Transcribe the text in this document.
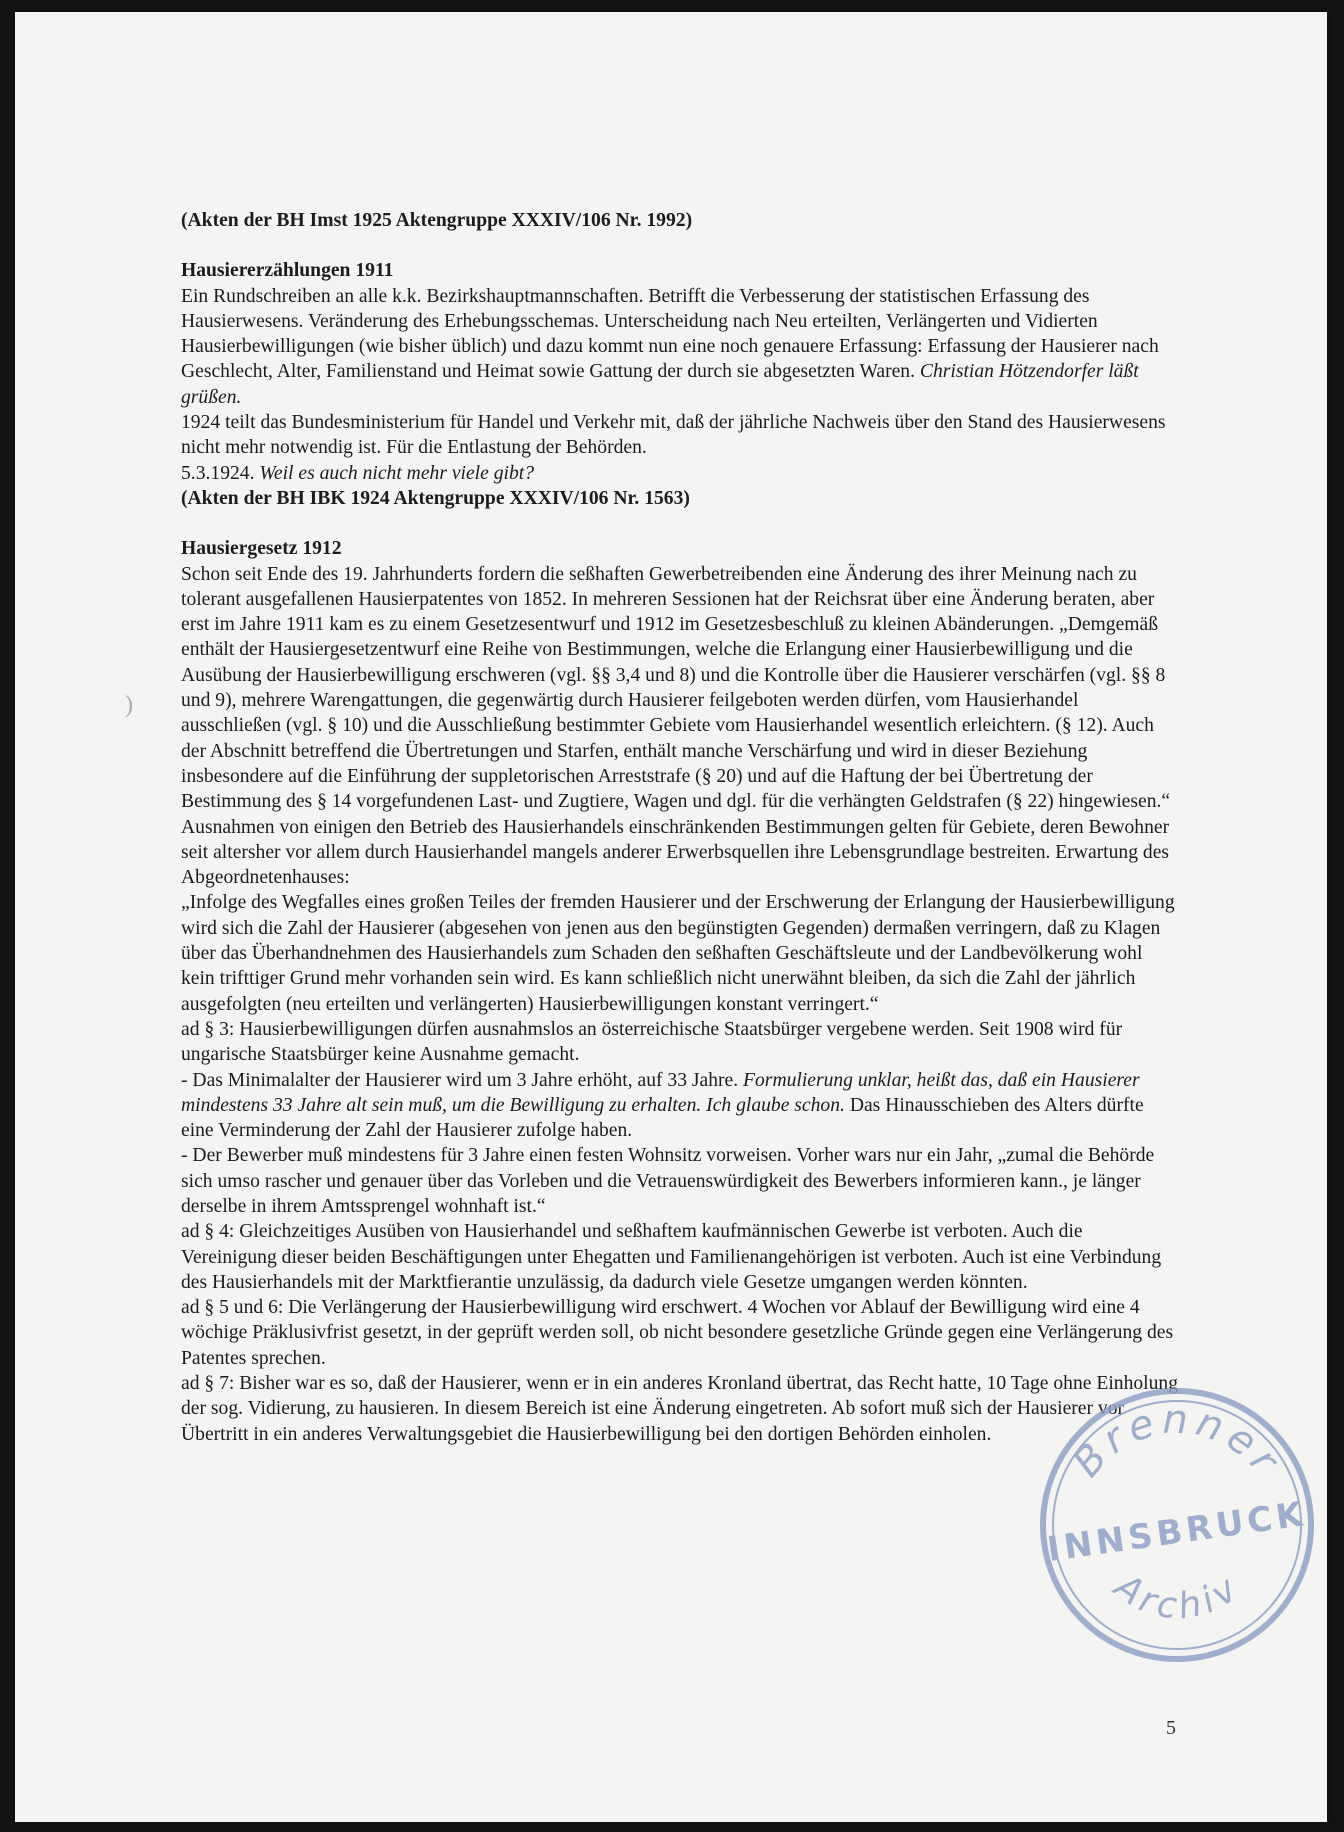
)

(Akten der BH Imst 1925 Aktengruppe XXXIV/106 Nr. 1992)

Hausiererzählungen 1911

Ein Rundschreiben an alle k.k. Bezirkshauptmannschaften. Betrifft die Verbesserung der statistischen Erfassung des Hausierwesens. Veränderung des Erhebungsschemas. Unterscheidung nach Neu erteilten, Verlängerten und Vidierten Hausierbewilligungen (wie bisher üblich) und dazu kommt nun eine noch genauere Erfassung: Erfassung der Hausierer nach Geschlecht, Alter, Familienstand und Heimat sowie Gattung der durch sie abgesetzten Waren. Christian Hötzendorfer läßt grüßen.

1924 teilt das Bundesministerium für Handel und Verkehr mit, daß der jährliche Nachweis über den Stand des Hausierwesens nicht mehr notwendig ist. Für die Entlastung der Behörden.

5.3.1924. Weil es auch nicht mehr viele gibt?

(Akten der BH IBK 1924 Aktengruppe XXXIV/106 Nr. 1563)

Hausiergesetz 1912

Schon seit Ende des 19. Jahrhunderts fordern die seßhaften Gewerbetreibenden eine Änderung des ihrer Meinung nach zu tolerant ausgefallenen Hausierpatentes von 1852. In mehreren Sessionen hat der Reichsrat über eine Änderung beraten, aber erst im Jahre 1911 kam es zu einem Gesetzesentwurf und 1912 im Gesetzesbeschluß zu kleinen Abänderungen. „Demgemäß enthält der Hausiergesetzentwurf eine Reihe von Bestimmungen, welche die Erlangung einer Hausierbewilligung und die Ausübung der Hausierbewilligung erschweren (vgl. §§ 3,4 und 8) und die Kontrolle über die Hausierer verschärfen (vgl. §§ 8 und 9), mehrere Warengattungen, die gegenwärtig durch Hausierer feilgeboten werden dürfen, vom Hausierhandel ausschließen (vgl. § 10) und die Ausschließung bestimmter Gebiete vom Hausierhandel wesentlich erleichtern. (§ 12). Auch der Abschnitt betreffend die Übertretungen und Starfen, enthält manche Verschärfung und wird in dieser Beziehung insbesondere auf die Einführung der suppletorischen Arreststrafe (§ 20) und auf die Haftung der bei Übertretung der Bestimmung des § 14 vorgefundenen Last- und Zugtiere, Wagen und dgl. für die verhängten Geldstrafen (§ 22) hingewiesen.“

Ausnahmen von einigen den Betrieb des Hausierhandels einschränkenden Bestimmungen gelten für Gebiete, deren Bewohner seit altersher vor allem durch Hausierhandel mangels anderer Erwerbsquellen ihre Lebensgrundlage bestreiten. Erwartung des Abgeordnetenhauses:

„Infolge des Wegfalles eines großen Teiles der fremden Hausierer und der Erschwerung der Erlangung der Hausierbewilligung wird sich die Zahl der Hausierer (abgesehen von jenen aus den begünstigten Gegenden) dermaßen verringern, daß zu Klagen über das Überhandnehmen des Hausierhandels zum Schaden den seßhaften Geschäftsleute und der Landbevölkerung wohl kein trifttiger Grund mehr vorhanden sein wird. Es kann schließlich nicht unerwähnt bleiben, da sich die Zahl der jährlich ausgefolgten (neu erteilten und verlängerten) Hausierbewilligungen konstant verringert.“

ad § 3: Hausierbewilligungen dürfen ausnahmslos an österreichische Staatsbürger vergebene werden. Seit 1908 wird für ungarische Staatsbürger keine Ausnahme gemacht.

- Das Minimalalter der Hausierer wird um 3 Jahre erhöht, auf 33 Jahre. Formulierung unklar, heißt das, daß ein Hausierer mindestens 33 Jahre alt sein muß, um die Bewilligung zu erhalten. Ich glaube schon. Das Hinausschieben des Alters dürfte eine Verminderung der Zahl der Hausierer zufolge haben.

- Der Bewerber muß mindestens für 3 Jahre einen festen Wohnsitz vorweisen. Vorher wars nur ein Jahr, „zumal die Behörde sich umso rascher und genauer über das Vorleben und die Vetrauenswürdigkeit des Bewerbers informieren kann., je länger derselbe in ihrem Amtssprengel wohnhaft ist.“

ad § 4: Gleichzeitiges Ausüben von Hausierhandel und seßhaftem kaufmännischen Gewerbe ist verboten. Auch die Vereinigung dieser beiden Beschäftigungen unter Ehegatten und Familienangehörigen ist verboten. Auch ist eine Verbindung des Hausierhandels mit der Marktfierantie unzulässig, da dadurch viele Gesetze umgangen werden könnten.

ad § 5 und 6: Die Verlängerung der Hausierbewilligung wird erschwert. 4 Wochen vor Ablauf der Bewilligung wird eine 4 wöchige Präklusivfrist gesetzt, in der geprüft werden soll, ob nicht besondere gesetzliche Gründe gegen eine Verlängerung des Patentes sprechen.

ad § 7: Bisher war es so, daß der Hausierer, wenn er in ein anderes Kronland übertrat, das Recht hatte, 10 Tage ohne Einholung der sog. Vidierung, zu hausieren. In diesem Bereich ist eine Änderung eingetreten. Ab sofort muß sich der Hausierer vor Übertritt in ein anderes Verwaltungsgebiet die Hausierbewilligung bei den dortigen Behörden einholen.	Brenner
INNSBRUCK
Archiv
5
